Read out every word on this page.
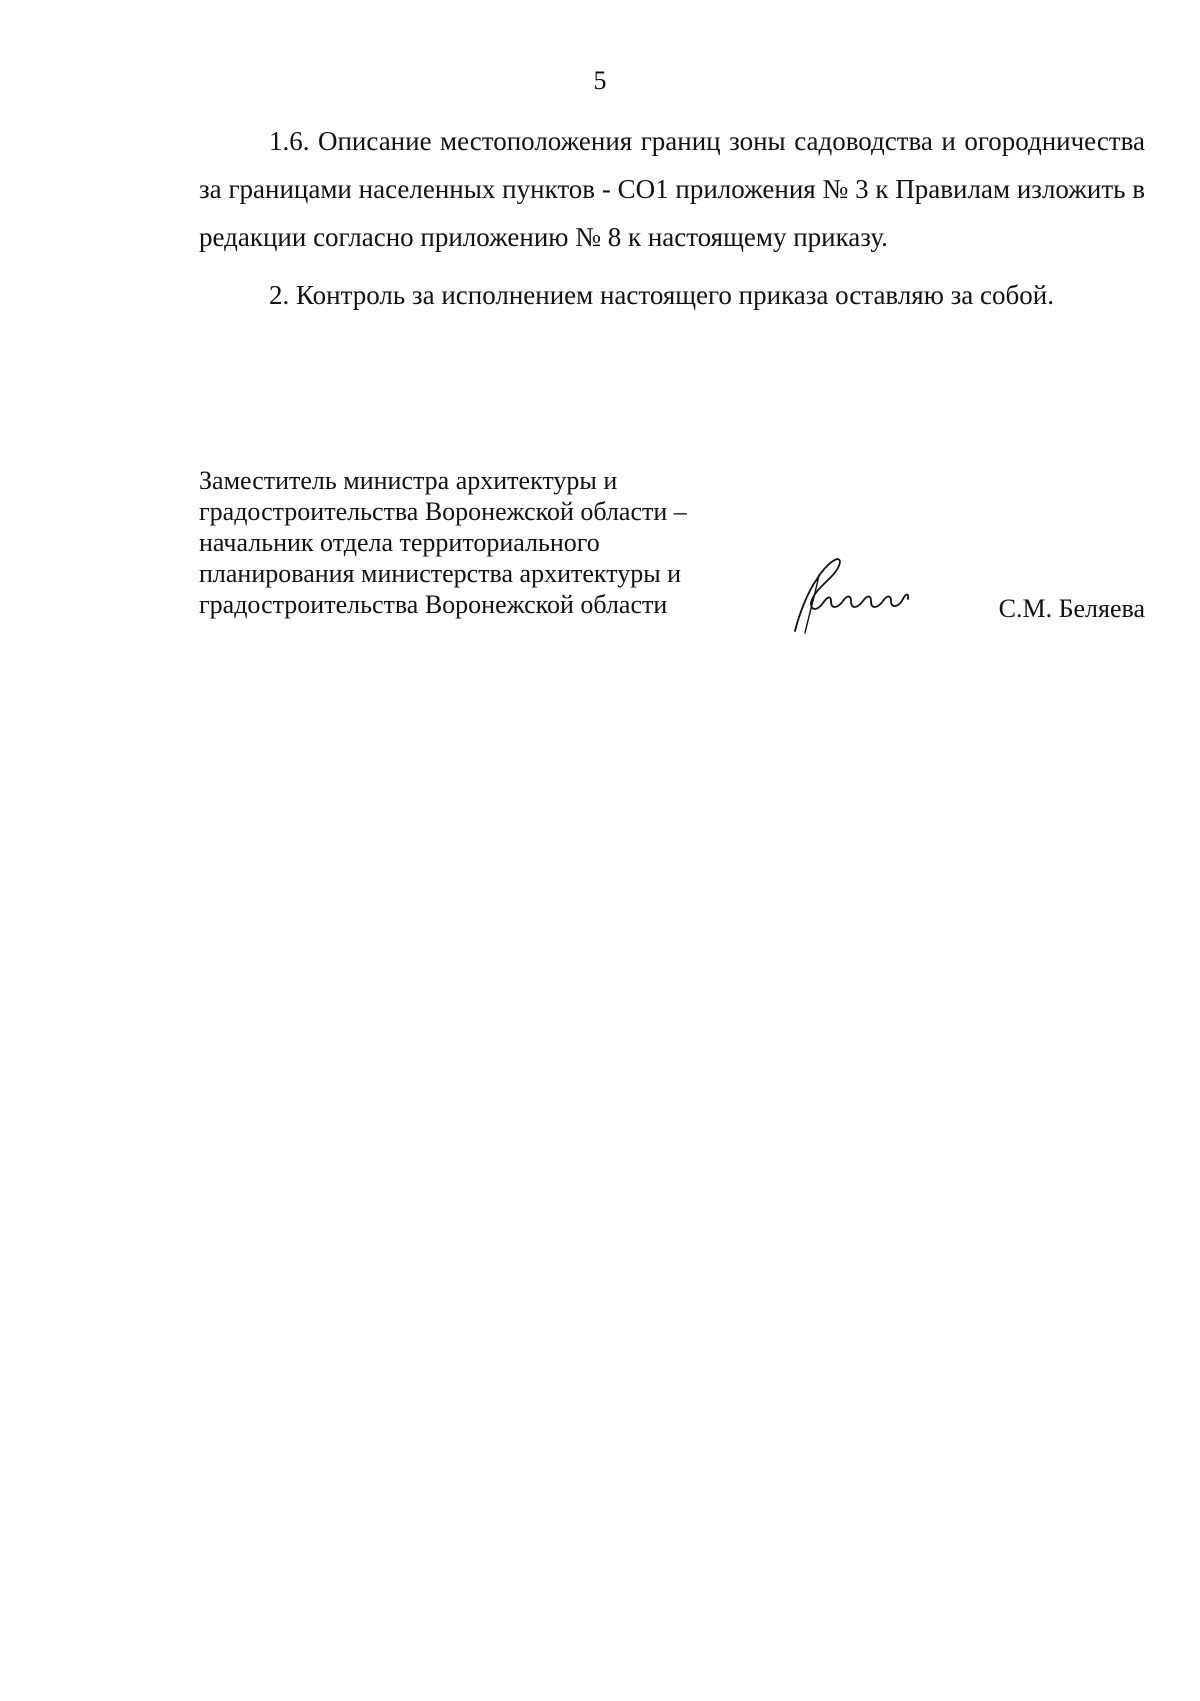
5

1.6. Описание местоположения границ зоны садоводства и огородничества за границами населенных пунктов - СО1 приложения № 3 к Правилам изложить в редакции согласно приложению № 8 к настоящему приказу.

2. Контроль за исполнением настоящего приказа оставляю за собой.

Заместитель министра архитектуры и
градостроительства Воронежской области –
начальник отдела территориального
планирования министерства архитектуры и
градостроительства Воронежской области	С.М. Беляева
